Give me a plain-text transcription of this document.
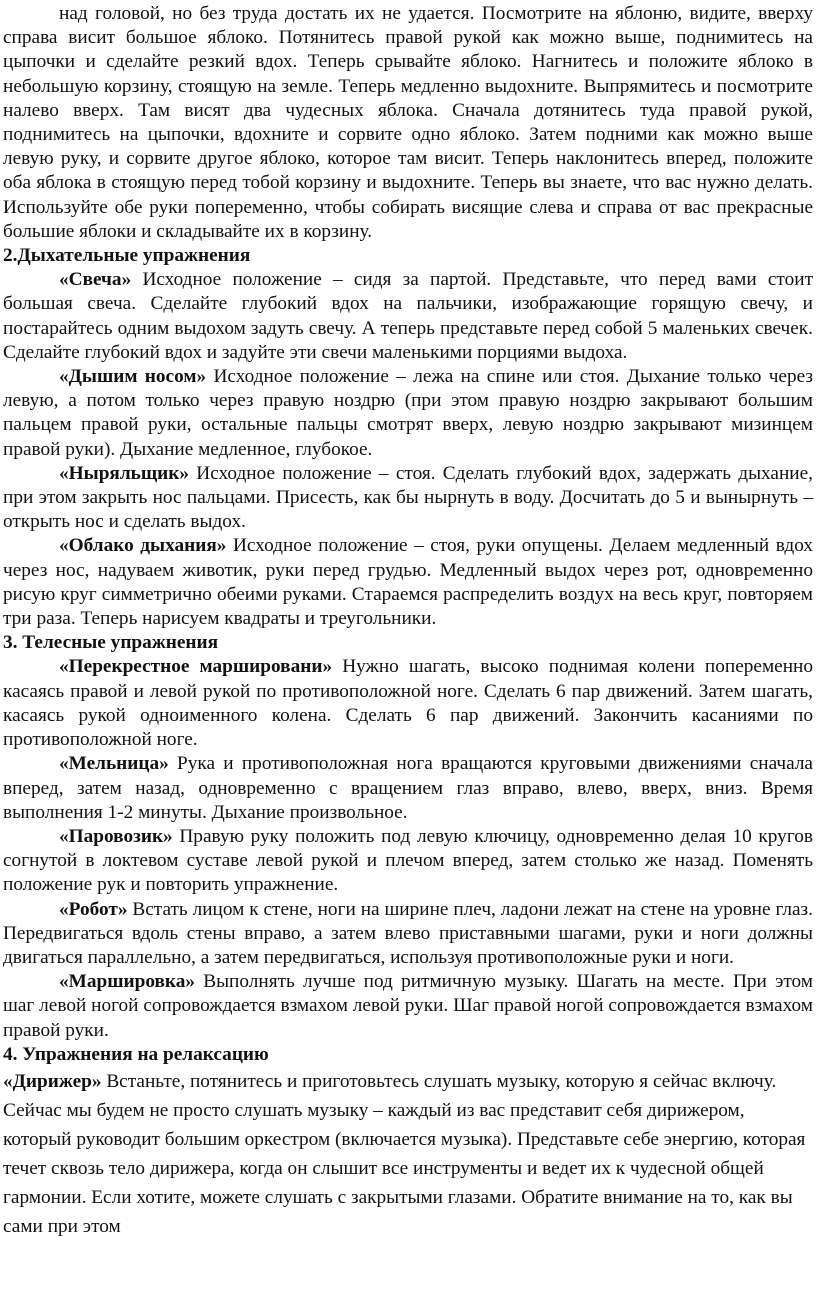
над головой, но без труда достать их не удается. Посмотрите на яблоню, видите, вверху справа висит большое яблоко. Потянитесь правой рукой как можно выше, поднимитесь на цыпочки и сделайте резкий вдох. Теперь срывайте яблоко. Нагнитесь и положите яблоко в небольшую корзину, стоящую на земле. Теперь медленно выдохните. Выпрямитесь и посмотрите налево вверх. Там висят два чудесных яблока. Сначала дотянитесь туда правой рукой, поднимитесь на цыпочки, вдохните и сорвите одно яблоко. Затем подними как можно выше левую руку, и сорвите другое яблоко, которое там висит. Теперь наклонитесь вперед, положите оба яблока в стоящую перед тобой корзину и выдохните. Теперь вы знаете, что вас нужно делать. Используйте обе руки попеременно, чтобы собирать висящие слева и справа от вас прекрасные большие яблоки и складывайте их в корзину.

2.Дыхательные упражнения

«Свеча» Исходное положение – сидя за партой. Представьте, что перед вами стоит большая свеча. Сделайте глубокий вдох на пальчики, изображающие горящую свечу, и постарайтесь одним выдохом задуть свечу. А теперь представьте перед собой 5 маленьких свечек. Сделайте глубокий вдох и задуйте эти свечи маленькими порциями выдоха.

«Дышим носом» Исходное положение – лежа на спине или стоя. Дыхание только через левую, а потом только через правую ноздрю (при этом правую ноздрю закрывают большим пальцем правой руки, остальные пальцы смотрят вверх, левую ноздрю закрывают мизинцем правой руки). Дыхание медленное, глубокое.

«Ныряльщик» Исходное положение – стоя. Сделать глубокий вдох, задержать дыхание, при этом закрыть нос пальцами. Присесть, как бы нырнуть в воду. Досчитать до 5 и вынырнуть – открыть нос и сделать выдох.

«Облако дыхания» Исходное положение – стоя, руки опущены. Делаем медленный вдох через нос, надуваем животик, руки перед грудью. Медленный выдох через рот, одновременно рисую круг симметрично обеими руками. Стараемся распределить воздух на весь круг, повторяем три раза. Теперь нарисуем квадраты и треугольники.

3. Телесные упражнения

«Перекрестное маршировани» Нужно шагать, высоко поднимая колени попеременно касаясь правой и левой рукой по противоположной ноге. Сделать 6 пар движений. Затем шагать, касаясь рукой одноименного колена. Сделать 6 пар движений. Закончить касаниями по противоположной ноге.

«Мельница» Рука и противоположная нога вращаются круговыми движениями сначала вперед, затем назад, одновременно с вращением глаз вправо, влево, вверх, вниз. Время выполнения 1-2 минуты. Дыхание произвольное.

«Паровозик» Правую руку положить под левую ключицу, одновременно делая 10 кругов согнутой в локтевом суставе левой рукой и плечом вперед, затем столько же назад. Поменять положение рук и повторить упражнение.

«Робот» Встать лицом к стене, ноги на ширине плеч, ладони лежат на стене на уровне глаз. Передвигаться вдоль стены вправо, а затем влево приставными шагами, руки и ноги должны двигаться параллельно, а затем передвигаться, используя противоположные руки и ноги.

«Маршировка» Выполнять лучше под ритмичную музыку. Шагать на месте. При этом шаг левой ногой сопровождается взмахом левой руки. Шаг правой ногой сопровождается взмахом правой руки.

4. Упражнения на релаксацию

«Дирижер» Встаньте, потянитесь и приготовьтесь слушать музыку, которую я сейчас включу. Сейчас мы будем не просто слушать музыку – каждый из вас представит себя дирижером, который руководит большим оркестром (включается музыка). Представьте себе энергию, которая течет сквозь тело дирижера, когда он слышит все инструменты и ведет их к чудесной общей гармонии. Если хотите, можете слушать с закрытыми глазами. Обратите внимание на то, как вы сами при этом
